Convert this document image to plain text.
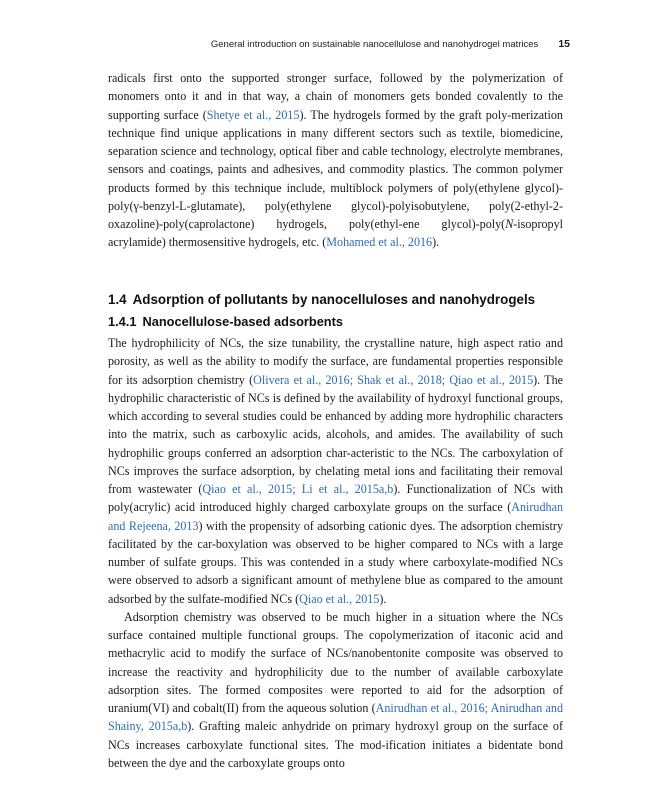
General introduction on sustainable nanocellulose and nanohydrogel matrices 15

radicals first onto the supported stronger surface, followed by the polymerization of monomers onto it and in that way, a chain of monomers gets bonded covalently to the supporting surface (Shetye et al., 2015). The hydrogels formed by the graft poly-merization technique find unique applications in many different sectors such as textile, biomedicine, separation science and technology, optical fiber and cable technology, electrolyte membranes, sensors and coatings, paints and adhesives, and commodity plastics. The common polymer products formed by this technique include, multiblock polymers of poly(ethylene glycol)-poly(γ-benzyl-L-glutamate), poly(ethylene glycol)-polyisobutylene, poly(2-ethyl-2-oxazoline)-poly(caprolactone) hydrogels, poly(ethyl-ene glycol)-poly(N-isopropyl acrylamide) thermosensitive hydrogels, etc. (Mohamed et al., 2016).

1.4 Adsorption of pollutants by nanocelluloses and nanohydrogels
1.4.1 Nanocellulose-based adsorbents

The hydrophilicity of NCs, the size tunability, the crystalline nature, high aspect ratio and porosity, as well as the ability to modify the surface, are fundamental properties responsible for its adsorption chemistry (Olivera et al., 2016; Shak et al., 2018; Qiao et al., 2015). The hydrophilic characteristic of NCs is defined by the availability of hydroxyl functional groups, which according to several studies could be enhanced by adding more hydrophilic characters into the matrix, such as carboxylic acids, alcohols, and amides. The availability of such hydrophilic groups conferred an adsorption char-acteristic to the NCs. The carboxylation of NCs improves the surface adsorption, by chelating metal ions and facilitating their removal from wastewater (Qiao et al., 2015; Li et al., 2015a,b). Functionalization of NCs with poly(acrylic) acid introduced highly charged carboxylate groups on the surface (Anirudhan and Rejeena, 2013) with the propensity of adsorbing cationic dyes. The adsorption chemistry facilitated by the car-boxylation was observed to be higher compared to NCs with a large number of sulfate groups. This was contended in a study where carboxylate-modified NCs were observed to adsorb a significant amount of methylene blue as compared to the amount adsorbed by the sulfate-modified NCs (Qiao et al., 2015).

Adsorption chemistry was observed to be much higher in a situation where the NCs surface contained multiple functional groups. The copolymerization of itaconic acid and methacrylic acid to modify the surface of NCs/nanobentonite composite was observed to increase the reactivity and hydrophilicity due to the number of available carboxylate adsorption sites. The formed composites were reported to aid for the adsorption of uranium(VI) and cobalt(II) from the aqueous solution (Anirudhan et al., 2016; Anirudhan and Shainy, 2015a,b). Grafting maleic anhydride on primary hydroxyl group on the surface of NCs increases carboxylate functional sites. The mod-ification initiates a bidentate bond between the dye and the carboxylate groups onto
